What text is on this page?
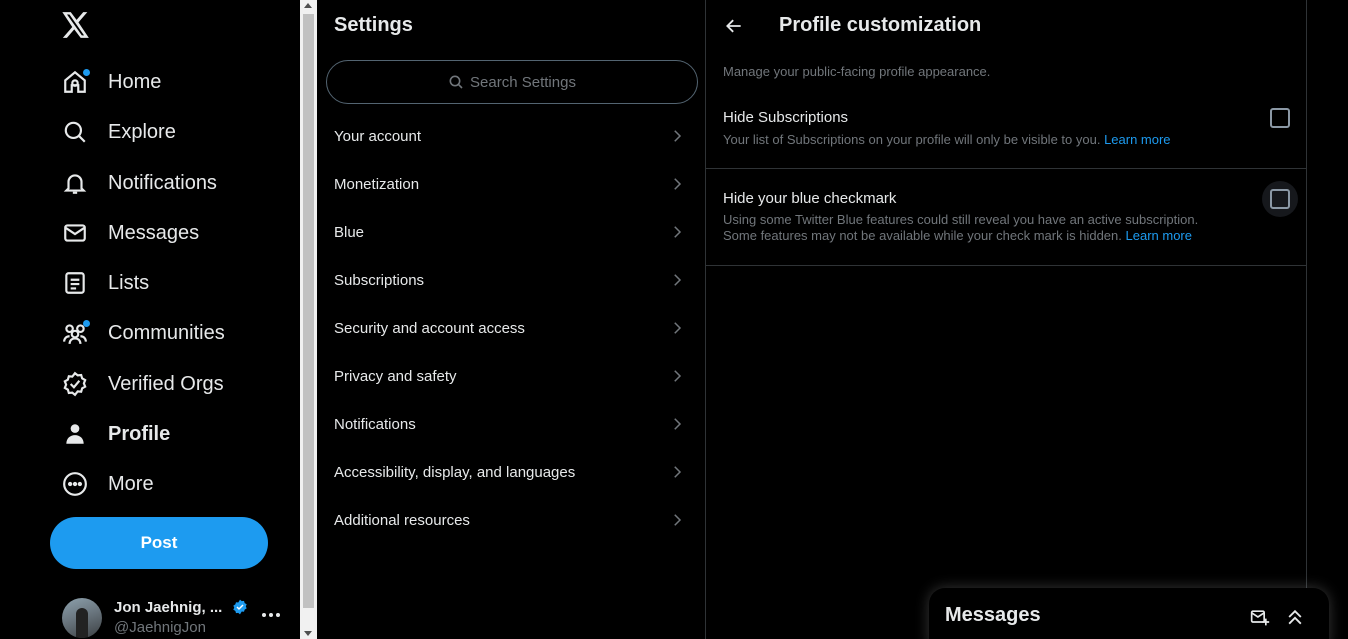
Home
Explore
Notifications
Messages
Lists
Communities
Verified Orgs
Profile
More
Post
Jon Jaehnig, ...
@JaehnigJon
Settings
Search Settings
Your account
Monetization
Blue
Subscriptions
Security and account access
Privacy and safety
Notifications
Accessibility, display, and languages
Additional resources
Profile customization

Manage your public-facing profile appearance.

Hide Subscriptions

Your list of Subscriptions on your profile will only be visible to you. Learn more

Hide your blue checkmark

Using some Twitter Blue features could still reveal you have an active subscription.
Some features may not be available while your check mark is hidden. Learn more

Messages
